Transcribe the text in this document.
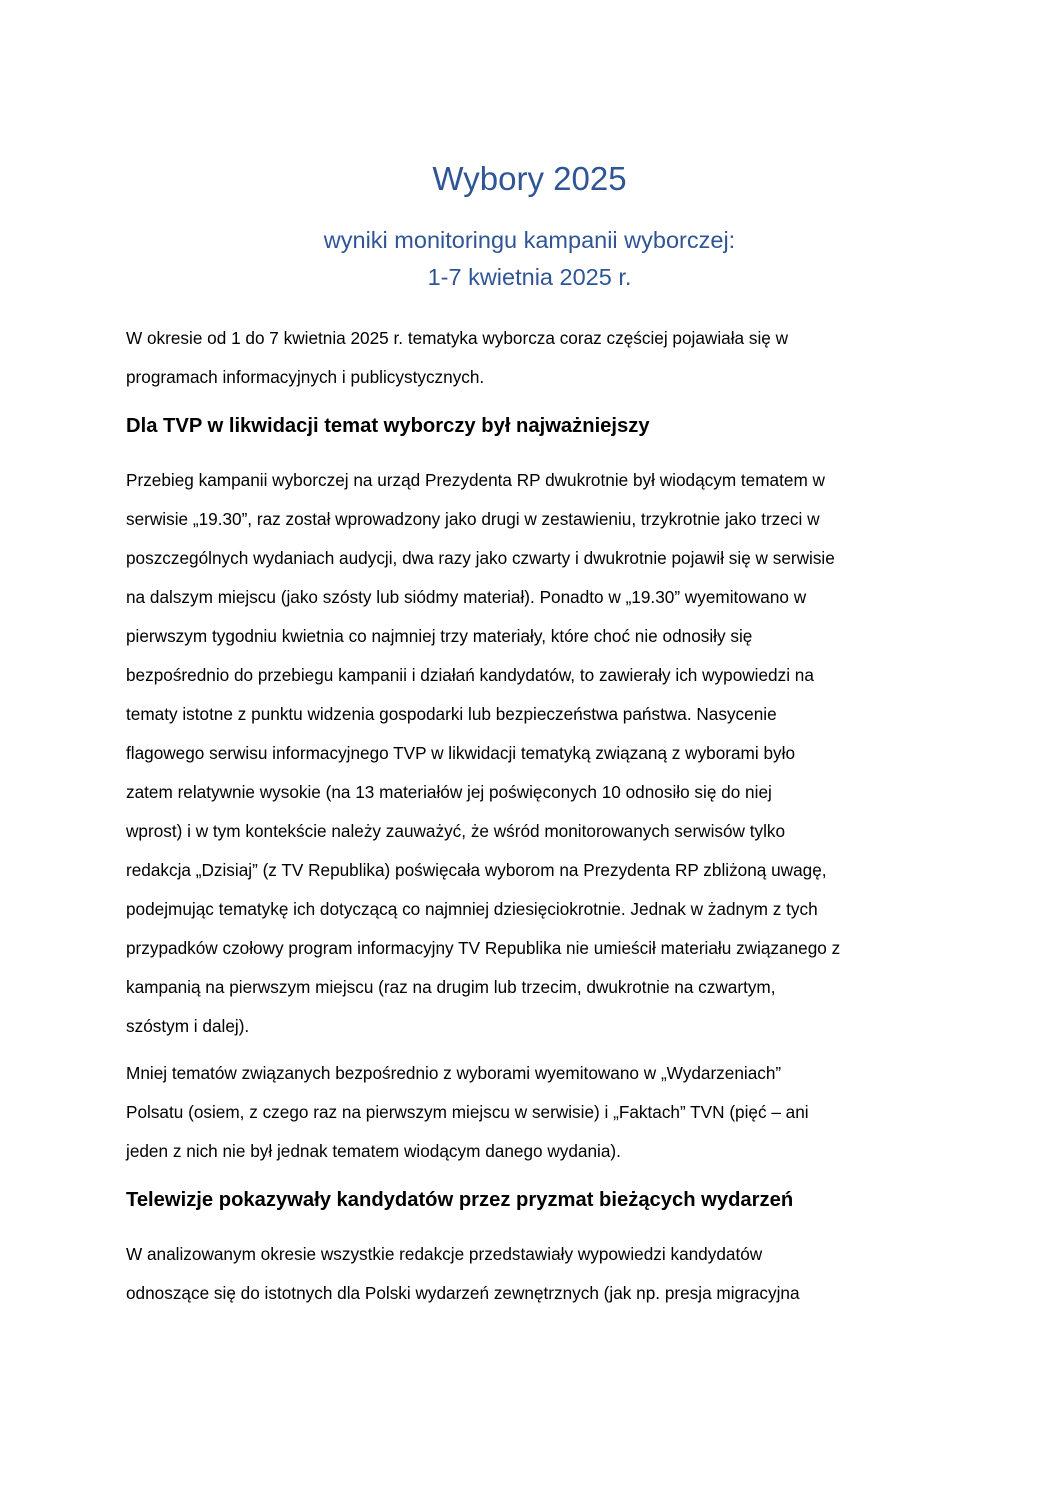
Wybory 2025
wyniki monitoringu kampanii wyborczej:
1-7 kwietnia 2025 r.

W okresie od 1 do 7 kwietnia 2025 r. tematyka wyborcza coraz częściej pojawiała się w
programach informacyjnych i publicystycznych.

Dla TVP w likwidacji temat wyborczy był najważniejszy

Przebieg kampanii wyborczej na urząd Prezydenta RP dwukrotnie był wiodącym tematem w
serwisie „19.30”, raz został wprowadzony jako drugi w zestawieniu, trzykrotnie jako trzeci w
poszczególnych wydaniach audycji, dwa razy jako czwarty i dwukrotnie pojawił się w serwisie
na dalszym miejscu (jako szósty lub siódmy materiał). Ponadto w „19.30” wyemitowano w
pierwszym tygodniu kwietnia co najmniej trzy materiały, które choć nie odnosiły się
bezpośrednio do przebiegu kampanii i działań kandydatów, to zawierały ich wypowiedzi na
tematy istotne z punktu widzenia gospodarki lub bezpieczeństwa państwa. Nasycenie
flagowego serwisu informacyjnego TVP w likwidacji tematyką związaną z wyborami było
zatem relatywnie wysokie (na 13 materiałów jej poświęconych 10 odnosiło się do niej
wprost) i w tym kontekście należy zauważyć, że wśród monitorowanych serwisów tylko
redakcja „Dzisiaj” (z TV Republika) poświęcała wyborom na Prezydenta RP zbliżoną uwagę,
podejmując tematykę ich dotyczącą co najmniej dziesięciokrotnie. Jednak w żadnym z tych
przypadków czołowy program informacyjny TV Republika nie umieścił materiału związanego z
kampanią na pierwszym miejscu (raz na drugim lub trzecim, dwukrotnie na czwartym,
szóstym i dalej).

Mniej tematów związanych bezpośrednio z wyborami wyemitowano w „Wydarzeniach”
Polsatu (osiem, z czego raz na pierwszym miejscu w serwisie) i „Faktach” TVN (pięć – ani
jeden z nich nie był jednak tematem wiodącym danego wydania).

Telewizje pokazywały kandydatów przez pryzmat bieżących wydarzeń

W analizowanym okresie wszystkie redakcje przedstawiały wypowiedzi kandydatów
odnoszące się do istotnych dla Polski wydarzeń zewnętrznych (jak np. presja migracyjna
